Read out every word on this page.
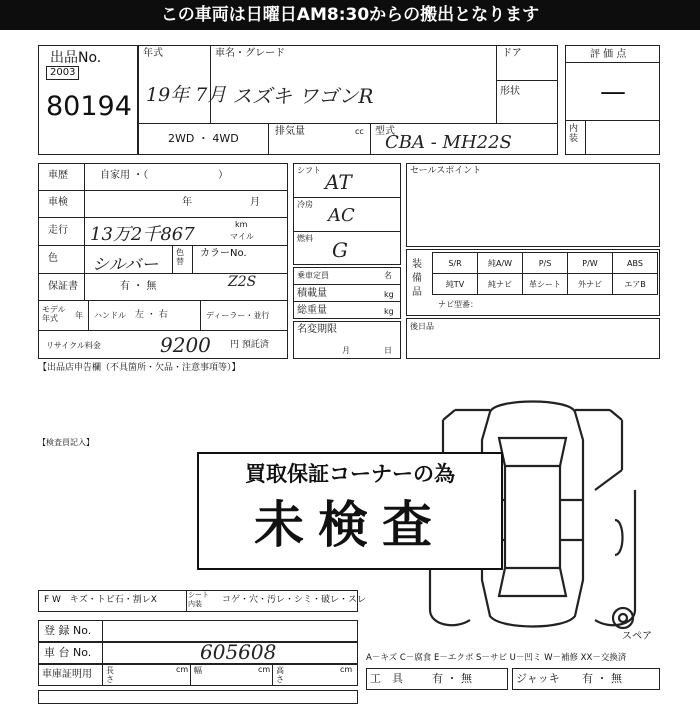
この車両は日曜日AM8:30からの搬出となります
出品No.
2003
80194
年式
19年 7月
車名・グレード
スズキ ワゴンR
ドア
形状
2WD ・ 4WD
排気量	cc 型式
CBA - MH22S
評 価 点
—
内装
車歴	自家用 ・（　　　　　　　）
車検	年	月
走行 13万2千867	km
マイル
色 シルバー
色替
カラーNo.
Z2S
保証書	有 ・ 無
モデル年式	年 ハンドル 左 ・ 右	ディーラー・並行
リサイクル料金	9200 円 預託済
シフト AT
冷房
AC
燃料 G
乗車定員	名
積載量	kg
総重量	kg
名変期限
月	日
セールスポイント
装備品
S/R	純A/W	P/S	P/W	ABS
純TV	純ナビ	革シート	外ナビ	エアB
ナビ型番：
後日品
【出品店申告欄（不具箇所・欠品・注意事項等）】
【検査員記入】
買取保証コーナーの為
未検査
F W　キズ・トビ石・割レX	シート内装	コゲ・穴・汚レ・シミ・破レ・スレ
登 録 No.
車 台 No.	605608
車庫証明用 長さ
cm 幅	cm 高さ
cm
スペア
A－キズ C－腐食 E－エクボ S－サビ U－凹ミ W－補修 XX－交換済
工　具	有 ・ 無	ジャッキ 有 ・ 無
